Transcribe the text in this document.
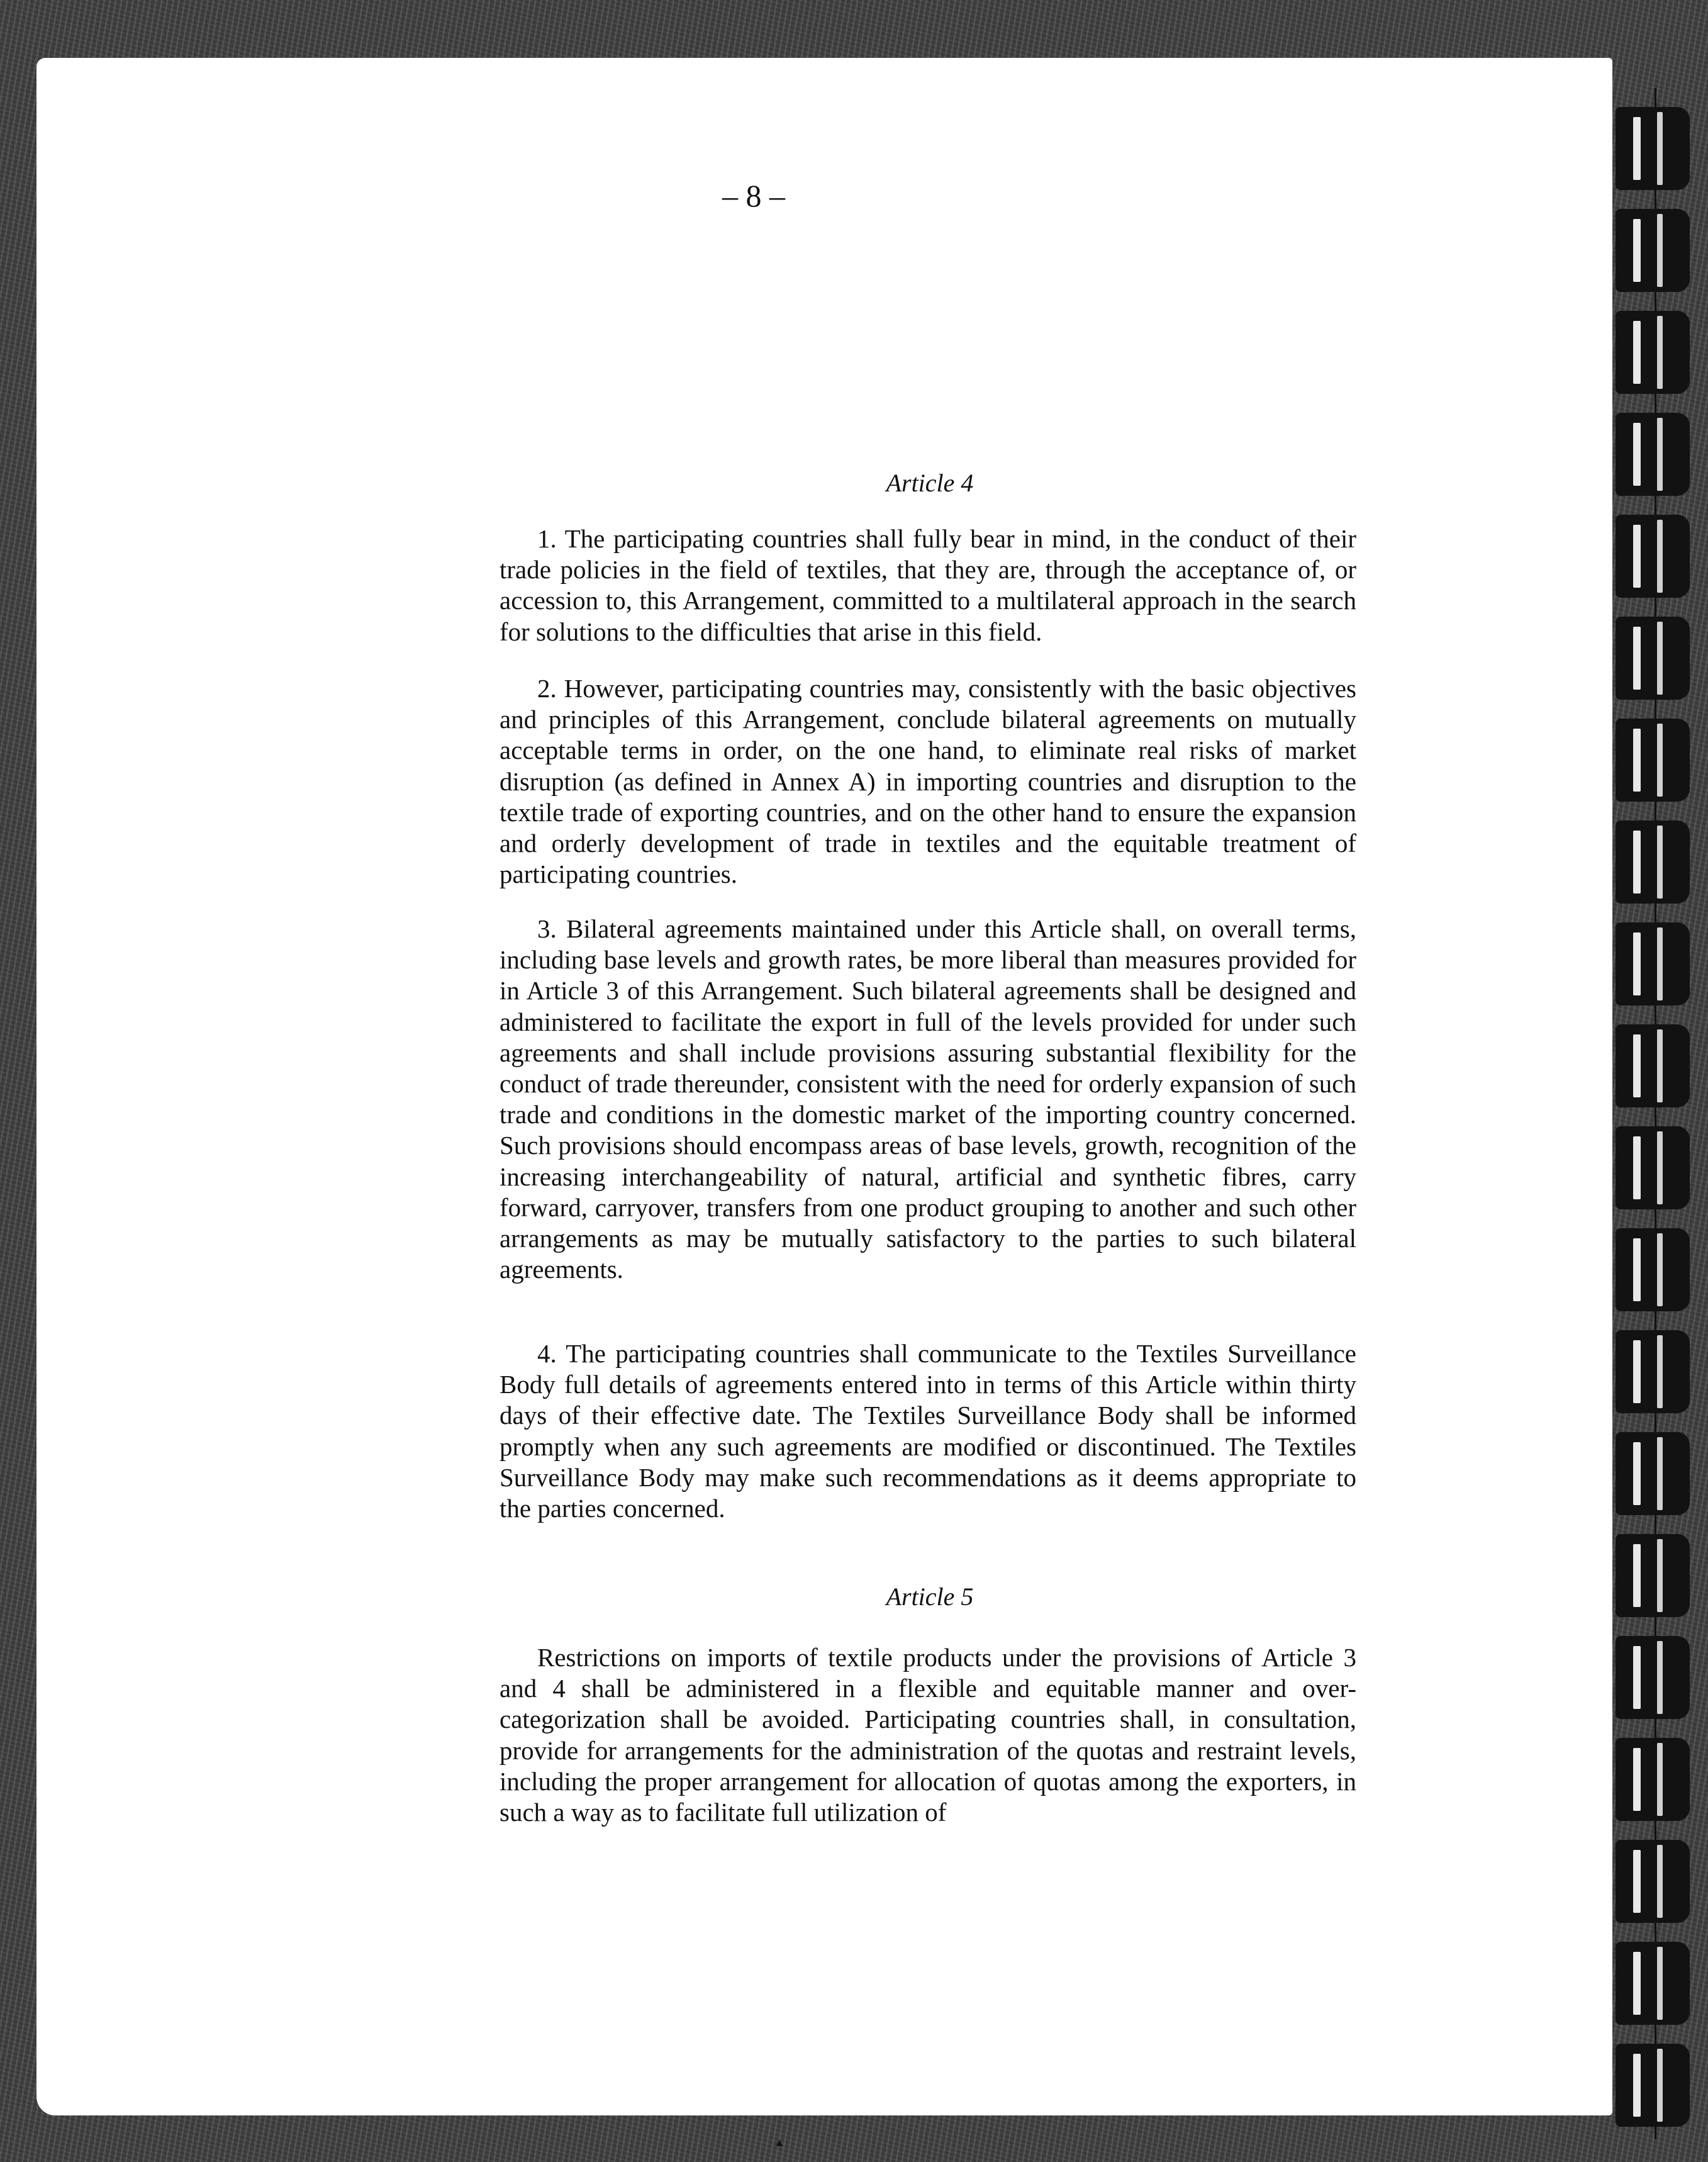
– 8 –
Article 4

1. The participating countries shall fully bear in mind, in the conduct of their trade policies in the field of textiles, that they are, through the acceptance of, or accession to, this Arrangement, committed to a multilateral approach in the search for solutions to the difficulties that arise in this field.

2. However, participating countries may, consistently with the basic objectives and principles of this Arrangement, conclude bilateral agreements on mutually acceptable terms in order, on the one hand, to eliminate real risks of market disruption (as defined in Annex A) in importing countries and disruption to the textile trade of exporting countries, and on the other hand to ensure the expansion and orderly development of trade in textiles and the equitable treatment of participating countries.

3. Bilateral agreements maintained under this Article shall, on overall terms, including base levels and growth rates, be more liberal than measures provided for in Article 3 of this Arrangement. Such bilateral agreements shall be designed and administered to facilitate the export in full of the levels provided for under such agreements and shall include provisions assuring substantial flexibility for the conduct of trade thereunder, consistent with the need for orderly expansion of such trade and conditions in the domestic market of the importing country concerned. Such provisions should encompass areas of base levels, growth, recognition of the increasing interchangeability of natural, artificial and synthetic fibres, carry forward, carryover, transfers from one product grouping to another and such other arrangements as may be mutually satisfactory to the parties to such bilateral agreements.

4. The participating countries shall communicate to the Textiles Surveillance Body full details of agreements entered into in terms of this Article within thirty days of their effective date. The Textiles Surveillance Body shall be informed promptly when any such agreements are modified or discontinued. The Textiles Surveillance Body may make such recommendations as it deems appropriate to the parties concerned.

Article 5

Restrictions on imports of textile products under the provisions of Article 3 and 4 shall be administered in a flexible and equitable manner and over-categorization shall be avoided. Participating countries shall, in consultation, provide for arrangements for the administration of the quotas and restraint levels, including the proper arrangement for allocation of quotas among the exporters, in such a way as to facilitate full utilization of

▴
